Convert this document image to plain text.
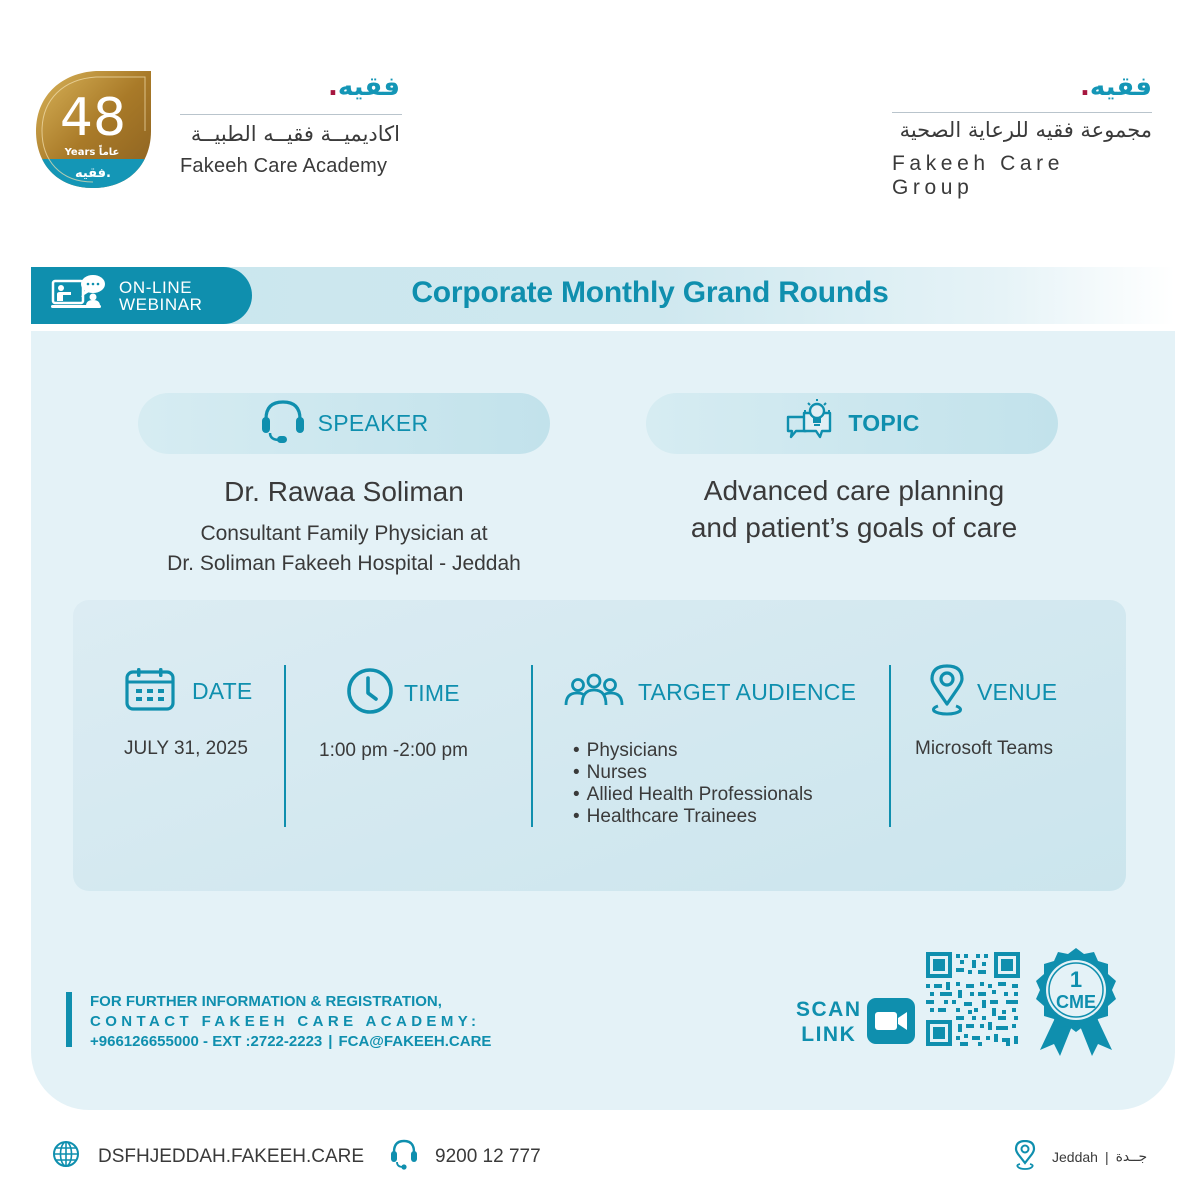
48
Years عاماً
فقيه.
فقيه.
اكاديميــة فقيــه الطبيــة
Fakeeh Care Academy
فقيه.
مجموعة فقيه للرعاية الصحية
Fakeeh Care Group
ON-LINE
WEBINAR	Corporate Monthly Grand Rounds
SPEAKER	TOPIC
Dr. Rawaa Soliman
Consultant Family Physician at
Dr. Soliman Fakeeh Hospital - Jeddah
Advanced care planning
and patient’s goals of care
DATE
JULY 31, 2025
TIME
1:00 pm -2:00 pm
TARGET AUDIENCE
• Physicians
• Nurses
• Allied Health Professionals
• Healthcare Trainees
VENUE
Microsoft Teams
FOR FURTHER INFORMATION & REGISTRATION,
CONTACT FAKEEH CARE ACADEMY:
+966126655000 - EXT :2722-2223 | FCA@FAKEEH.CARE
SCAN
LINK
1
CME
DSFHJEDDAH.FAKEEH.CARE	9200 12 777	Jeddah | جــدة
